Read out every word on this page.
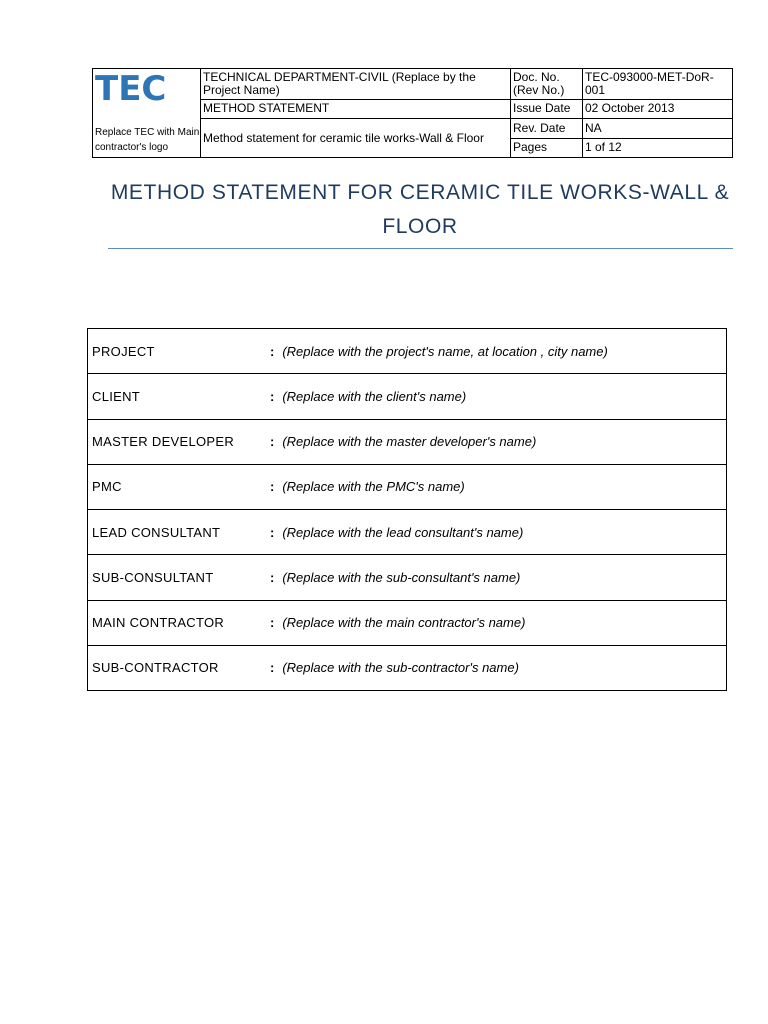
TEC
Replace TEC with Main contractor's logo	TECHNICAL DEPARTMENT-CIVIL (Replace by the Project Name)	Doc. No. (Rev No.)	TEC-093000-MET-DoR-001
	METHOD STATEMENT	Issue Date	02 October 2013
	Method statement for ceramic tile works-Wall & Floor	Rev. Date	NA
		Pages	1 of 12
METHOD STATEMENT FOR CERAMIC TILE WORKS-WALL & FLOOR
PROJECT	: (Replace with the project's name, at location , city name)
CLIENT	: (Replace with the client's name)
MASTER DEVELOPER	: (Replace with the master developer's name)
PMC	: (Replace with the PMC's name)
LEAD CONSULTANT	: (Replace with the lead consultant's name)
SUB-CONSULTANT	: (Replace with the sub-consultant's name)
MAIN CONTRACTOR	: (Replace with the main contractor's name)
SUB-CONTRACTOR	: (Replace with the sub-contractor's name)
